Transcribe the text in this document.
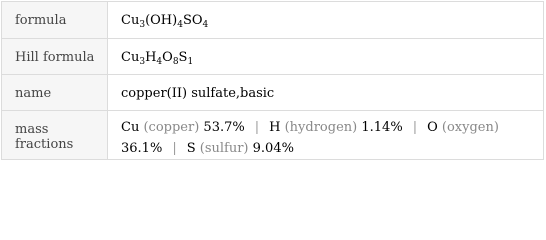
formula	$Cu_3(OH)_4SO_4$
Hill formula	$Cu_3H_4O_8S_1$
name	copper(II) sulfate,basic
mass fractions	Cu (copper) 53.7% | H (hydrogen) 1.14% | O (oxygen)
36.1% | S (sulfur) 9.04%
